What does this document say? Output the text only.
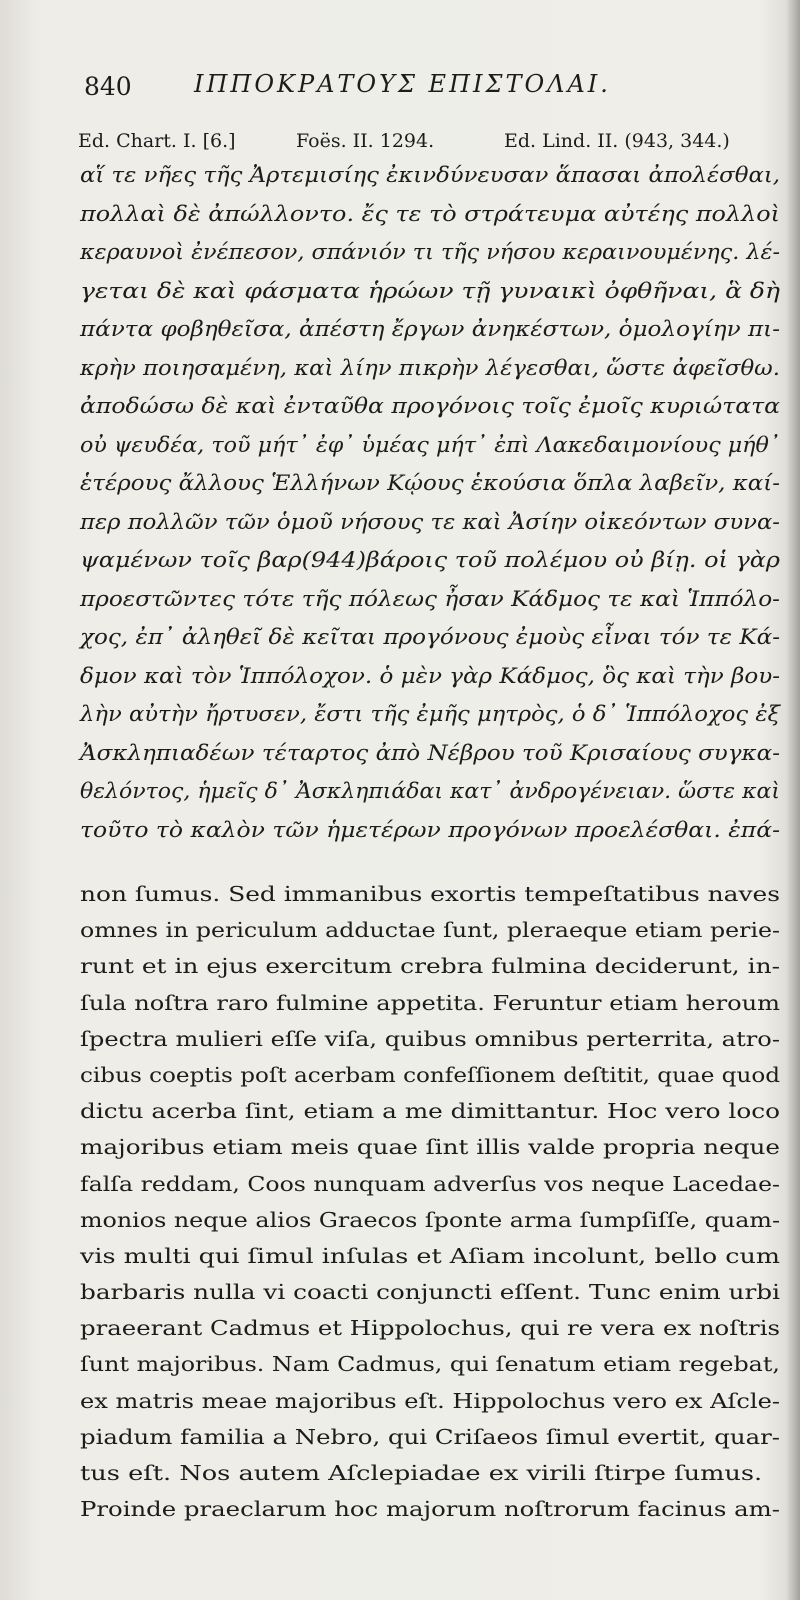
840	ΙΠΠΟΚΡΑΤΟΥΣ ΕΠΙΣΤΟΛΑΙ.
Ed. Chart. I. [6.]	Foës. II. 1294.	Ed. Lind. II. (943, 344.)
αἵ τε νῆες τῆς Ἀρτεμισίης ἐκινδύνευσαν ἅπασαι ἀπολέσθαι,
πολλαὶ δὲ ἀπώλλοντο. ἔς τε τὸ στράτευμα αὐτέης πολλοὶ
κεραυνοὶ ἐνέπεσον, σπάνιόν τι τῆς νήσου κεραινουμένης. λέ-
γεται δὲ καὶ φάσματα ἡρώων τῇ γυναικὶ ὀφθῆναι, ἃ δὴ
πάντα φοβηθεῖσα, ἀπέστη ἔργων ἀνηκέστων, ὁμολογίην πι-
κρὴν ποιησαμένη, καὶ λίην πικρὴν λέγεσθαι, ὥστε ἀφεῖσθω.
ἀποδώσω δὲ καὶ ἐνταῦθα προγόνοις τοῖς ἐμοῖς κυριώτατα
οὐ ψευδέα, τοῦ μήτ᾽ ἐφ᾽ ὑμέας μήτ᾽ ἐπὶ Λακεδαιμονίους μήθ᾽
ἑτέρους ἄλλους Ἑλλήνων Κῴους ἑκούσια ὅπλα λαβεῖν, καί-
περ πολλῶν τῶν ὁμοῦ νήσους τε καὶ Ἀσίην οἰκεόντων συνα-
ψαμένων τοῖς βαρ(944)βάροις τοῦ πολέμου οὐ βίῃ. οἱ γὰρ
προεστῶντες τότε τῆς πόλεως ἦσαν Κάδμος τε καὶ Ἱππόλο-
χος, ἐπ᾽ ἀληθεῖ δὲ κεῖται προγόνους ἐμοὺς εἶναι τόν τε Κά-
δμον καὶ τὸν Ἱππόλοχον. ὁ μὲν γὰρ Κάδμος, ὃς καὶ τὴν βου-
λὴν αὐτὴν ἤρτυσεν, ἔστι τῆς ἐμῆς μητρὸς, ὁ δ᾽ Ἱππόλοχος ἐξ
Ἀσκληπιαδέων τέταρτος ἀπὸ Νέβρου τοῦ Κρισαίους συγκα-
θελόντος, ἡμεῖς δ᾽ Ἀσκληπιάδαι κατ᾽ ἀνδρογένειαν. ὥστε καὶ
τοῦτο τὸ καλὸν τῶν ἡμετέρων προγόνων προελέσθαι. ἐπά-
non ſumus. Sed immanibus exortis tempeſtatibus naves
omnes in periculum adductae ſunt, pleraeque etiam perie-
runt et in ejus exercitum crebra fulmina deciderunt, in-
ſula noſtra raro fulmine appetita. Feruntur etiam heroum
ſpectra mulieri eſſe viſa, quibus omnibus perterrita, atro-
cibus coeptis poſt acerbam confeſſionem deſtitit, quae quod
dictu acerba ſint, etiam a me dimittantur. Hoc vero loco
majoribus etiam meis quae ſint illis valde propria neque
falſa reddam, Coos nunquam adverſus vos neque Lacedae-
monios neque alios Graecos ſponte arma ſumpſiſſe, quam-
vis multi qui ſimul inſulas et Aſiam incolunt, bello cum
barbaris nulla vi coacti conjuncti eſſent. Tunc enim urbi
praeerant Cadmus et Hippolochus, qui re vera ex noſtris
ſunt majoribus. Nam Cadmus, qui ſenatum etiam regebat,
ex matris meae majoribus eſt. Hippolochus vero ex Aſcle-
piadum familia a Nebro, qui Criſaeos ſimul evertit, quar-
tus eſt. Nos autem Aſclepiadae ex virili ſtirpe ſumus.
Proinde praeclarum hoc majorum noſtrorum facinus am-
